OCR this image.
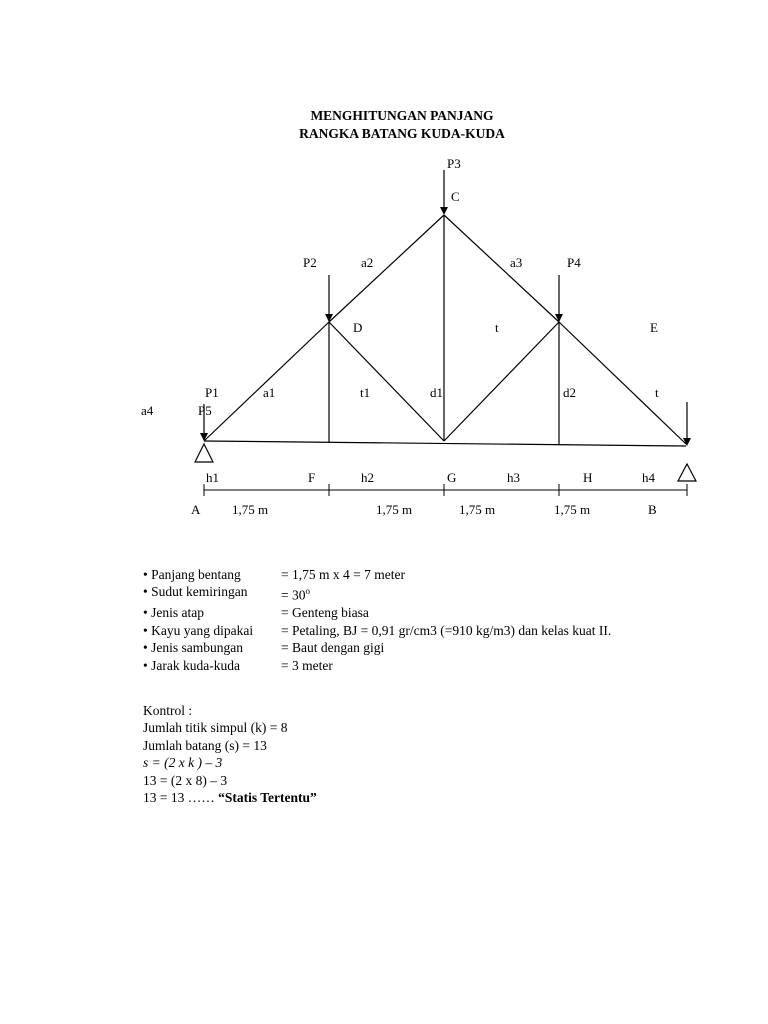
MENGHITUNGAN PANJANG
RANGKA BATANG KUDA-KUDA
C
D	E
F	G	H
A	B
P1
P2
P3
P4
P5
a1
a2	a3
a4
t1
t
t
d1	d2
h1	h2	h3	h4
1,75 m	1,75 m	1,75 m	1,75 m
• Panjang bentang	= 1,75 m x 4 = 7 meter
• Sudut kemiringan	= $30^o$
• Jenis atap	= Genteng biasa
• Kayu yang dipakai	= Petaling, BJ = 0,91 gr/cm3 (=910 kg/m3) dan kelas kuat II.
• Jenis sambungan	= Baut dengan gigi
• Jarak kuda-kuda	= 3 meter
Kontrol :
Jumlah titik simpul (k) = 8
Jumlah batang (s) = 13
s = (2 x k ) – 3
13 = (2 x 8) – 3
13 = 13 …… “Statis Tertentu”
